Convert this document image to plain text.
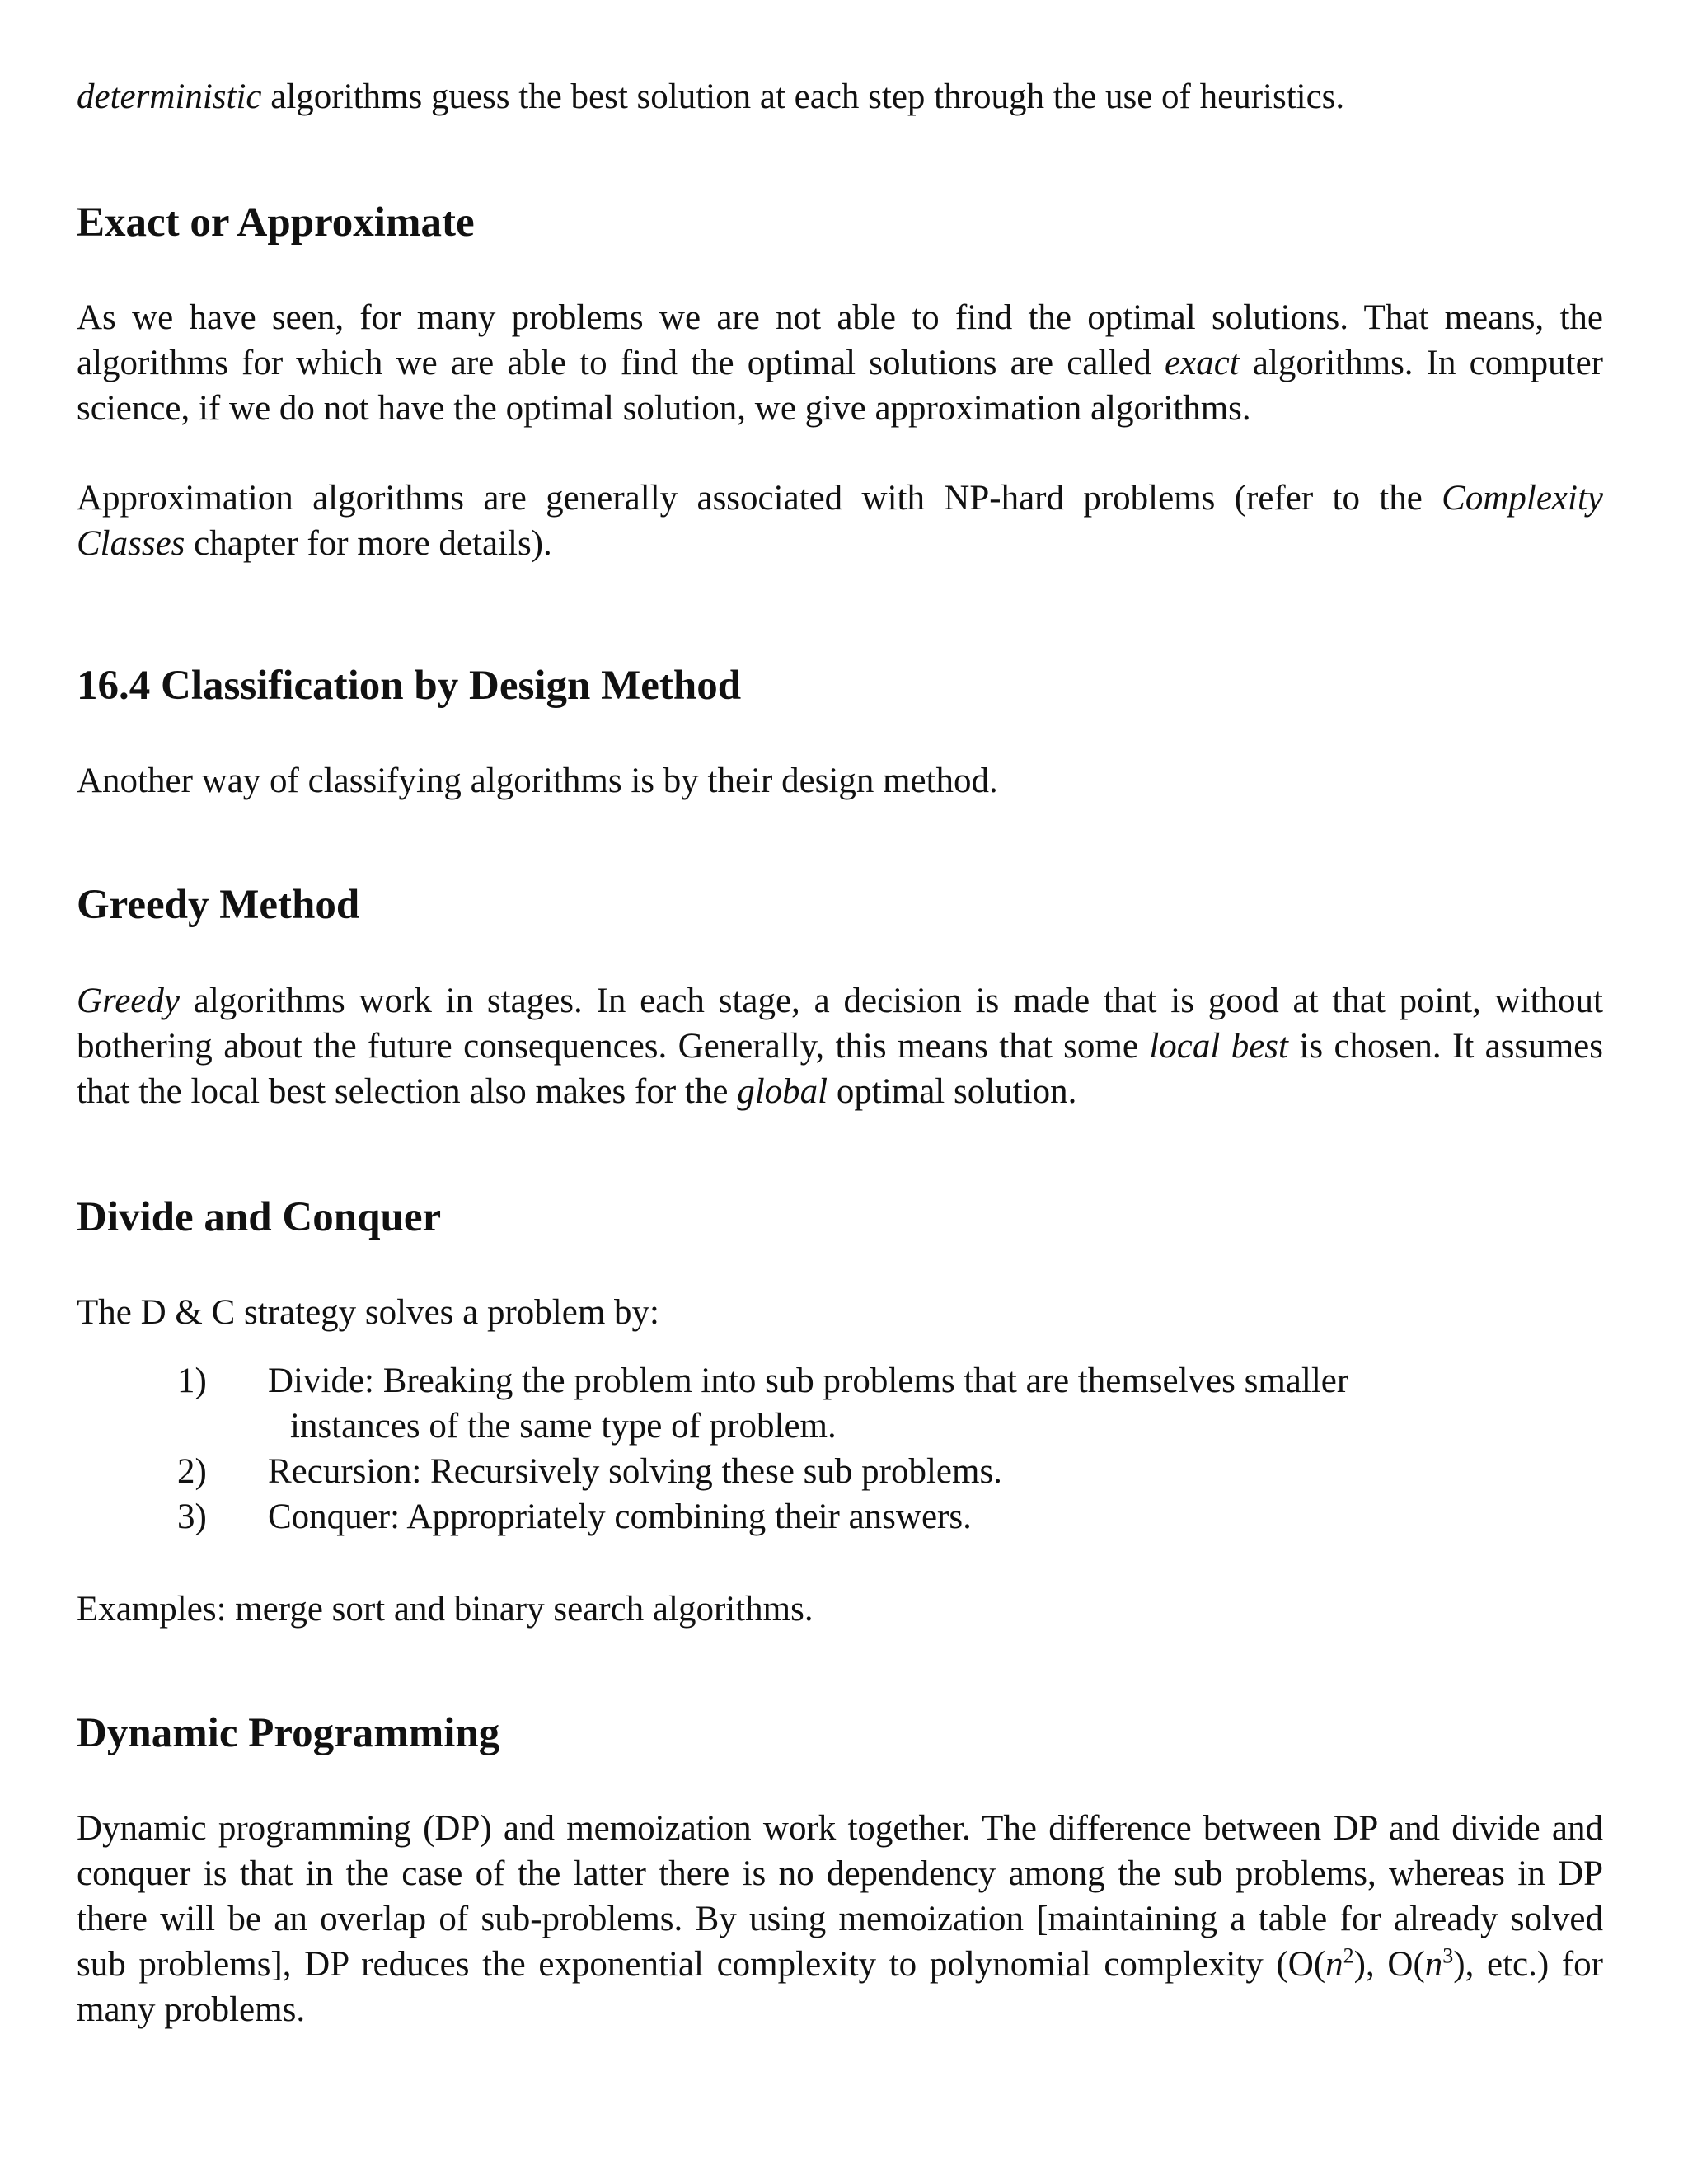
deterministic algorithms guess the best solution at each step through the use of heuristics.

Exact or Approximate

As we have seen, for many problems we are not able to find the optimal solutions. That means, the algorithms for which we are able to find the optimal solutions are called exact algorithms. In computer science, if we do not have the optimal solution, we give approximation algorithms.

Approximation algorithms are generally associated with NP-hard problems (refer to the Complexity Classes chapter for more details).

16.4 Classification by Design Method

Another way of classifying algorithms is by their design method.

Greedy Method

Greedy algorithms work in stages. In each stage, a decision is made that is good at that point, without bothering about the future consequences. Generally, this means that some local best is chosen. It assumes that the local best selection also makes for the global optimal solution.

Divide and Conquer

The D & C strategy solves a problem by:

1) Divide: Breaking the problem into sub problems that are themselves smaller
instances of the same type of problem.
2) Recursion: Recursively solving these sub problems.
3) Conquer: Appropriately combining their answers.

Examples: merge sort and binary search algorithms.

Dynamic Programming

Dynamic programming (DP) and memoization work together. The difference between DP and divide and conquer is that in the case of the latter there is no dependency among the sub problems, whereas in DP there will be an overlap of sub-problems. By using memoization [maintaining a table for already solved sub problems], DP reduces the exponential complexity to polynomial complexity ($O(n^2)$, $O(n^3)$, etc.) for many problems.
